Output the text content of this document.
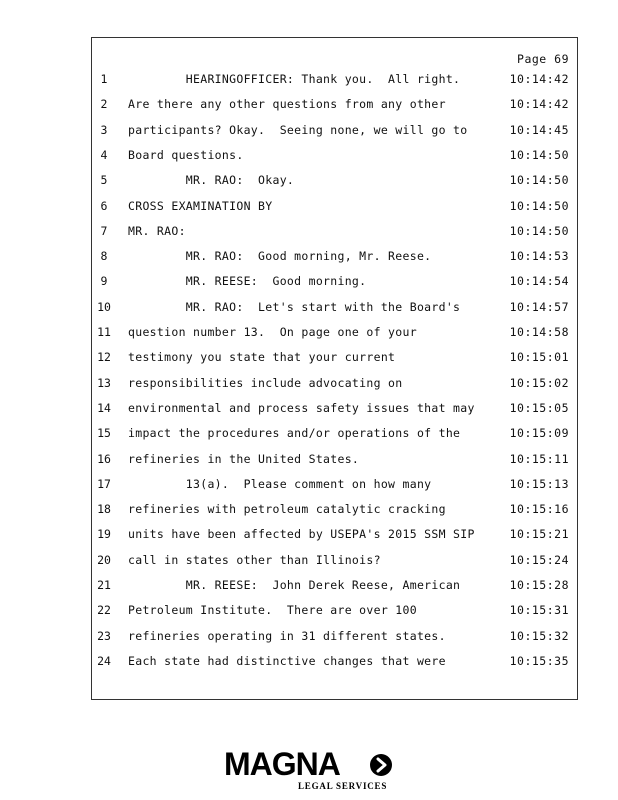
Page 69
1	HEARINGOFFICER: Thank you.  All right.	10:14:42
2	Are there any other questions from any other	10:14:42
3	participants? Okay.  Seeing none, we will go to	10:14:45
4	Board questions.	10:14:50
5	MR. RAO:  Okay.	10:14:50
6	CROSS EXAMINATION BY	10:14:50
7	MR. RAO:	10:14:50
8	MR. RAO:  Good morning, Mr. Reese.	10:14:53
9	MR. REESE:  Good morning.	10:14:54
10	MR. RAO:  Let's start with the Board's	10:14:57
11	question number 13.  On page one of your	10:14:58
12	testimony you state that your current	10:15:01
13	responsibilities include advocating on	10:15:02
14	environmental and process safety issues that may	10:15:05
15	impact the procedures and/or operations of the	10:15:09
16	refineries in the United States.	10:15:11
17	13(a).  Please comment on how many	10:15:13
18	refineries with petroleum catalytic cracking	10:15:16
19	units have been affected by USEPA's 2015 SSM SIP	10:15:21
20	call in states other than Illinois?	10:15:24
21	MR. REESE:  John Derek Reese, American	10:15:28
22	Petroleum Institute.  There are over 100	10:15:31
23	refineries operating in 31 different states.	10:15:32
24	Each state had distinctive changes that were	10:15:35
MAGNA
LEGAL SERVICES
